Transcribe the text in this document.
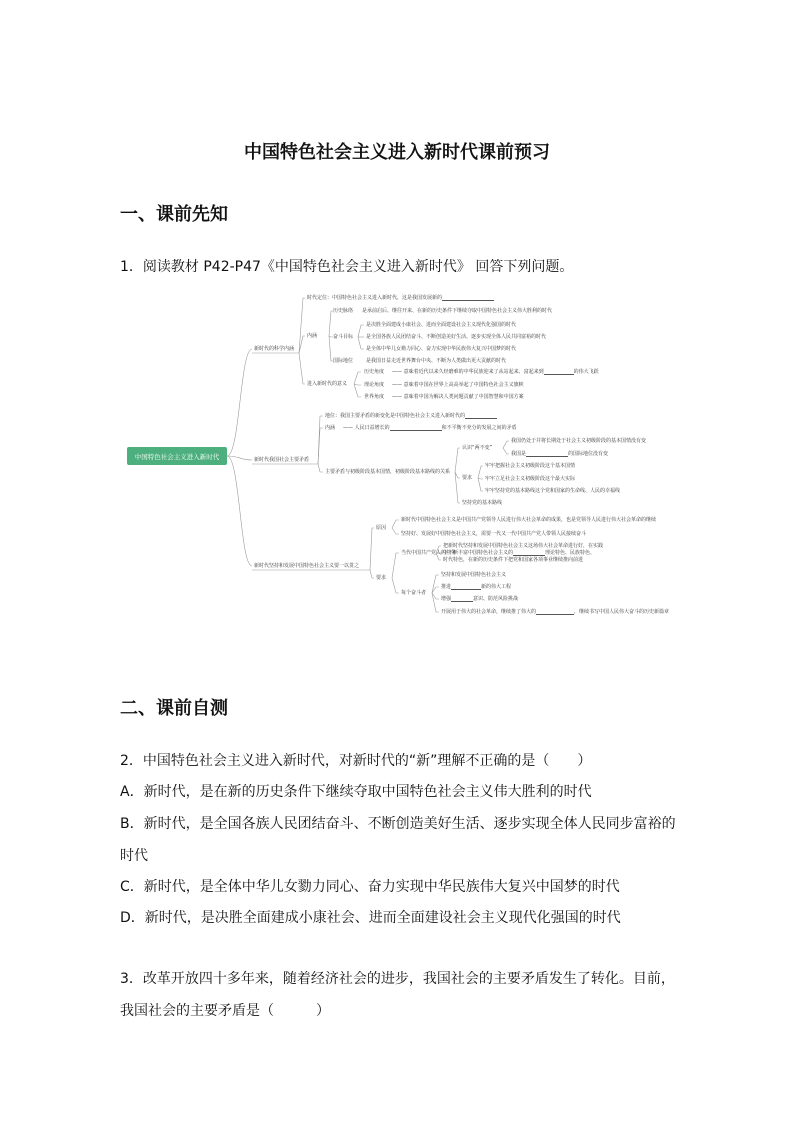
中国特色社会主义进入新时代课前预习
一、课前先知
1．阅读教材 P42-P47《中国特色社会主义进入新时代》 回答下列问题。
中国特色社会主义进入新时代
新时代的科学内涵
时代定位：中国特色社会主义进入新时代，这是我国发展新的
内涵
历史脉络 是承前启后、继往开来、在新的历史条件下继续夺取中国特色社会主义伟大胜利的时代
奋斗目标
是决胜全面建成小康社会、进而全面建设社会主义现代化强国的时代
是全国各族人民团结奋斗、不断创造美好生活、逐步实现全体人民共同富裕的时代
是全体中华儿女勠力同心、奋力实现中华民族伟大复兴中国梦的时代
国际地位	是我国日益走近世界舞台中央、不断为人类做出更大贡献的时代
进入新时代的意义
历史角度 —— 意味着近代以来久经磨难的中华民族迎来了从站起来、富起来到	的伟大飞跃
理论角度 —— 意味着中国在世界上高高举起了中国特色社会主义旗帜
世界角度 —— 意味着中国为解决人类问题贡献了中国智慧和中国方案
新时代我国社会主要矛盾
地位：我国主要矛盾的新变化是中国特色社会主义进入新时代的
内涵 —— 人民日益增长的	和不平衡不充分的发展之间的矛盾
主要矛盾与初级阶段基本国情，初级阶段基本路线的关系
认识“两不变”
我国仍处于并将长期处于社会主义初级阶段的基本国情没有变
我国是	的国际地位没有变
要求
牢牢把握社会主义初级阶段这个基本国情
牢牢立足社会主义初级阶段这个最大实际
牢牢坚持党的基本路线这个党和国家的生命线、人民的幸福线
坚持党的基本路线
新时代坚持和发展中国特色社会主义要一以贯之
原因
新时代中国特色社会主义是中国共产党领导人民进行伟大社会革命的成果，也是党领导人民进行伟大社会革命的继续
坚持好、发展好中国特色社会主义，需要一代又一代中国共产党人带领人民接续奋斗
要求
当代中国共产党人的任务
把新时代坚持和发展中国特色社会主义这场伟大社会革命进行好，在实践
中不断丰富中国特色社会主义的	理论特色、民族特色、
时代特色，在新的历史条件下把党和国家各项事业继续推向前进
每个奋斗者
坚持和发展中国特色社会主义
推进	新的伟大工程
增强	意识、防范风险挑战
开展用于伟大的社会革命，继续推了伟大的	，继续书写中国人民伟大奋斗的历史新篇章
二、课前自测
2．中国特色社会主义进入新时代，对新时代的“新”理解不正确的是（　　）
A．新时代，是在新的历史条件下继续夺取中国特色社会主义伟大胜利的时代
B．新时代，是全国各族人民团结奋斗、不断创造美好生活、逐步实现全体人民同步富裕的
时代
C．新时代，是全体中华儿女勠力同心、奋力实现中华民族伟大复兴中国梦的时代
D．新时代，是决胜全面建成小康社会、进而全面建设社会主义现代化强国的时代
3．改革开放四十多年来，随着经济社会的进步，我国社会的主要矛盾发生了转化。目前，
我国社会的主要矛盾是（　　　）
